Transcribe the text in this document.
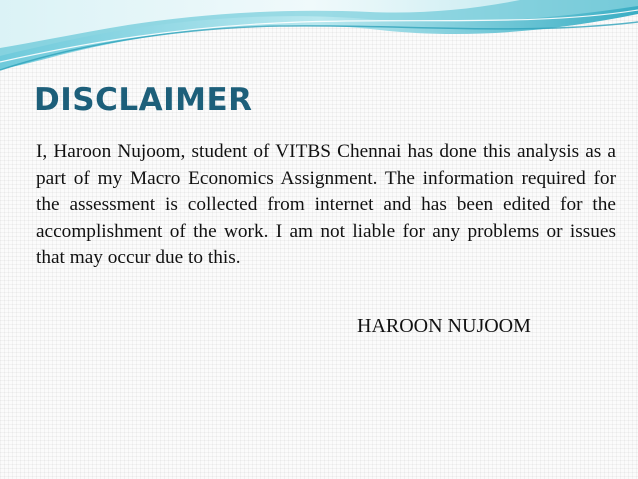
DISCLAIMER

I, Haroon Nujoom, student of VITBS Chennai has done this analysis as a part of my Macro Economics Assignment. The information required for the assessment is collected from internet and has been edited for the accomplishment of the work. I am not liable for any problems or issues that may occur due to this.

HAROON NUJOOM
